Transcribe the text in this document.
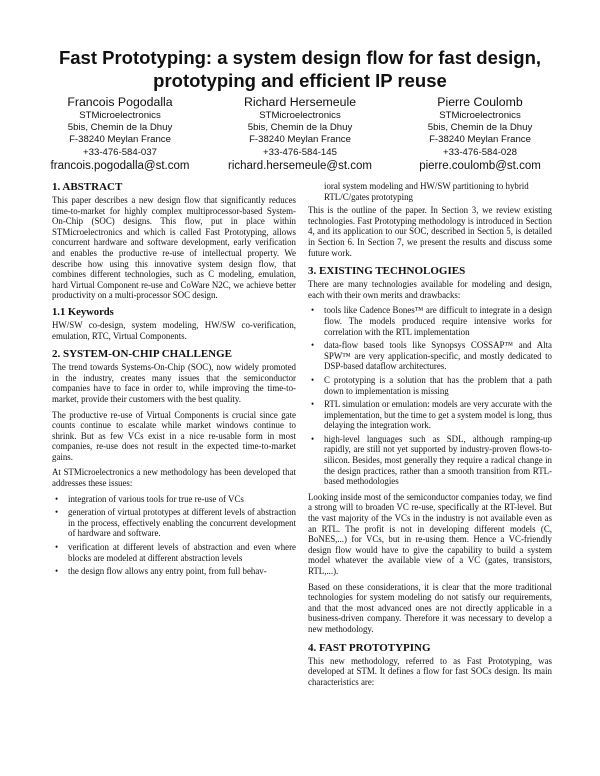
Fast Prototyping: a system design flow for fast design, prototyping and efficient IP reuse
Francois Pogodalla
STMicroelectronics
5bis, Chemin de la Dhuy
F-38240 Meylan France
+33-476-584-037
francois.pogodalla@st.com
Richard Hersemeule
STMicroelectronics
5bis, Chemin de la Dhuy
F-38240 Meylan France
+33-476-584-145
richard.hersemeule@st.com
Pierre Coulomb
STMicroelectronics
5bis, Chemin de la Dhuy
F-38240 Meylan France
+33-476-584-028
pierre.coulomb@st.com
1. ABSTRACT

This paper describes a new design flow that significantly reduces time-to-market for highly complex multiprocessor-based System-On-Chip (SOC) designs. This flow, put in place within STMicroelectronics and which is called Fast Prototyping, allows concurrent hardware and software development, early verification and enables the productive re-use of intellectual property. We describe how using this innovative system design flow, that combines different technologies, such as C modeling, emulation, hard Virtual Component re-use and CoWare N2C, we achieve better productivity on a multi-processor SOC design.

1.1 Keywords

HW/SW co-design, system modeling, HW/SW co-verification, emulation, RTC, Virtual Components.

2. SYSTEM-ON-CHIP CHALLENGE

The trend towards Systems-On-Chip (SOC), now widely promoted in the industry, creates many issues that the semiconductor companies have to face in order to, while improving the time-to-market, provide their customers with the best quality.

The productive re-use of Virtual Components is crucial since gate counts continue to escalate while market windows continue to shrink. But as few VCs exist in a nice re-usable form in most companies, re-use does not result in the expected time-to-market gains.

At STMicroelectronics a new methodology has been developed that addresses these issues:

• integration of various tools for true re-use of VCs
• generation of virtual prototypes at different levels of abstraction in the process, effectively enabling the concurrent development of hardware and software.
• verification at different levels of abstraction and even where blocks are modeled at different abstraction levels
• the design flow allows any entry point, from full behav-
ioral system modeling and HW/SW partitioning to hybrid RTL/C/gates prototyping

This is the outline of the paper. In Section 3, we review existing technologies. Fast Prototyping methodology is introduced in Section 4, and its application to our SOC, described in Section 5, is detailed in Section 6. In Section 7, we present the results and discuss some future work.

3. EXISTING TECHNOLOGIES

There are many technologies available for modeling and design, each with their own merits and drawbacks:

• tools like Cadence Bones™ are difficult to integrate in a design flow. The models produced require intensive works for correlation with the RTL implementation
• data-flow based tools like Synopsys COSSAP™ and Alta SPW™ are very application-specific, and mostly dedicated to DSP-based dataflow architectures.
• C prototyping is a solution that has the problem that a path down to implementation is missing
• RTL simulation or emulation: models are very accurate with the implementation, but the time to get a system model is long, thus delaying the integration work.
• high-level languages such as SDL, although ramping-up rapidly, are still not yet supported by industry-proven flows-to-silicon. Besides, most generally they require a radical change in the design practices, rather than a smooth transition from RTL-based methodologies

Looking inside most of the semiconductor companies today, we find a strong will to broaden VC re-use, specifically at the RT-level. But the vast majority of the VCs in the industry is not available even as an RTL. The profit is not in developing different models (C, BoNES,...) for VCs, but in re-using them. Hence a VC-friendly design flow would have to give the capability to build a system model whatever the available view of a VC (gates, transistors, RTL,...).

Based on these considerations, it is clear that the more traditional technologies for system modeling do not satisfy our requirements, and that the most advanced ones are not directly applicable in a business-driven company. Therefore it was necessary to develop a new methodology.

4. FAST PROTOTYPING

This new methodology, referred to as Fast Prototyping, was developed at STM. It defines a flow for fast SOCs design. Its main characteristics are:
